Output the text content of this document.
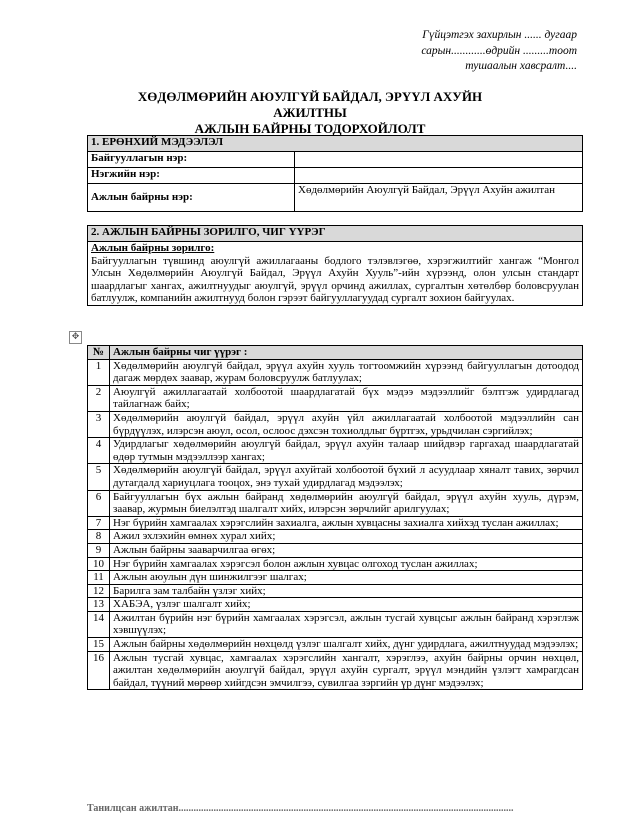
Гүйцэтгэх захирлын ...... дугаар
сарын............өдрийн .........тоот
тушаалын хавсралт....
ХӨДӨЛМӨРИЙН АЮУЛГҮЙ БАЙДАЛ, ЭРҮҮЛ АХУЙН АЖИЛТНЫ
АЖЛЫН БАЙРНЫ ТОДОРХОЙЛОЛТ
1. ЕРӨНХИЙ МЭДЭЭЛЭЛ	
Байгууллагын нэр:	
Нэгжийн нэр:	
Ажлын байрны нэр:	Хөдөлмөрийн Аюулгүй Байдал, Эрүүл Ахуйн ажилтан
2. АЖЛЫН БАЙРНЫ ЗОРИЛГО, ЧИГ ҮҮРЭГ

Ажлын байрны зорилго:
Байгууллагын түвшинд аюулгүй ажиллагааны бодлого тэлэвлэгөө, хэрэгжилтийг хангаж “Монгол Улсын Хөдөлмөрийн Аюулгүй Байдал, Эрүүл Ахуйн Хууль”-ийн хүрээнд, олон улсын стандарт шаардлагыг хангах, ажилтнуудыг аюулгүй, эрүүл орчинд ажиллах, сургалтын хөтөлбөр боловсруулан батлуулж, компанийн ажилтнууд болон гэрээт байгууллагуудад сургалт зохион байгуулах.
✥
№	Ажлын байрны чиг үүрэг :
1	Хөдөлмөрийн аюулгүй байдал, эрүүл ахуйн хууль тогтоомжийн хүрээнд байгууллагын дотоодод дагаж мөрдөх заавар, журам боловсруулж батлуулах;
2	Аюулгүй ажиллагаатай холбоотой шаардлагатай бүх мэдээ мэдээллийг бэлтгэж удирдлагад тайлагнаж байх;
3	Хөдөлмөрийн аюулгүй байдал, эрүүл ахуйн үйл ажиллагаатай холбоотой мэдээллийн сан бүрдүүлэх, илэрсэн аюул, осол, ослоос дэхсэн тохиолдлыг бүртгэх, урьдчилан сэргийлэх;
4	Удирдлагыг хөдөлмөрийн аюулгүй байдал, эрүүл ахуйн талаар шийдвэр гаргахад шаардлагатай өдөр тутмын мэдээллээр хангах;
5	Хөдөлмөрийн аюулгүй байдал, эрүүл ахуйтай холбоотой бүхий л асуудлаар хяналт тавих, зөрчил дутагдалд хариуцлага тооцох, энэ тухай удирдлагад мэдээлэх;
6	Байгууллагын бүх ажлын байранд хөдөлмөрийн аюулгүй байдал, эрүүл ахуйн хууль, дүрэм, заавар, журмын биелэлтэд шалгалт хийх, илэрсэн зөрчлийг арилгуулах;
7	Нэг бүрийн хамгаалах хэрэгслийн захиалга, ажлын хувцасны захиалга хийхэд туслан ажиллах;
8	Ажил эхлэхийн өмнөх хурал хийх;
9	Ажлын байрны зааварчилгаа өгөх;
10	Нэг бүрийн хамгаалах хэрэгсэл болон ажлын хувцас олгоход туслан ажиллах;
11	Ажлын аюулын дүн шинжилгээг шалгах;
12	Барилга зам талбайн үзлэг хийх;
13	ХАБЭА, үзлэг шалгалт хийх;
14	Ажилтан бүрийн нэг бүрийн хамгаалах хэрэгсэл, ажлын тусгай хувцсыг ажлын байранд хэрэглэж хэвшүүлэх;
15	Ажлын байрны хөдөлмөрийн нөхцөлд үзлэг шалгалт хийх, дүнг удирдлага, ажилтнуудад мэдээлэх;
16	Ажлын тусгай хувцас, хамгаалах хэрэгслийн хангалт, хэрэглээ, ахуйн байрны орчин нөхцөл, ажилтан хөдөлмөрийн аюулгүй байдал, эрүүл ахуйн сургалт, эрүүл мэндийн үзлэгт хамрагдсан байдал, түүний мөрөөр хийгдсэн эмчилгээ, сувилгаа зэргийн үр дүнг мэдээлэх;
Танилцсан ажилтан......................................................................................................................................
